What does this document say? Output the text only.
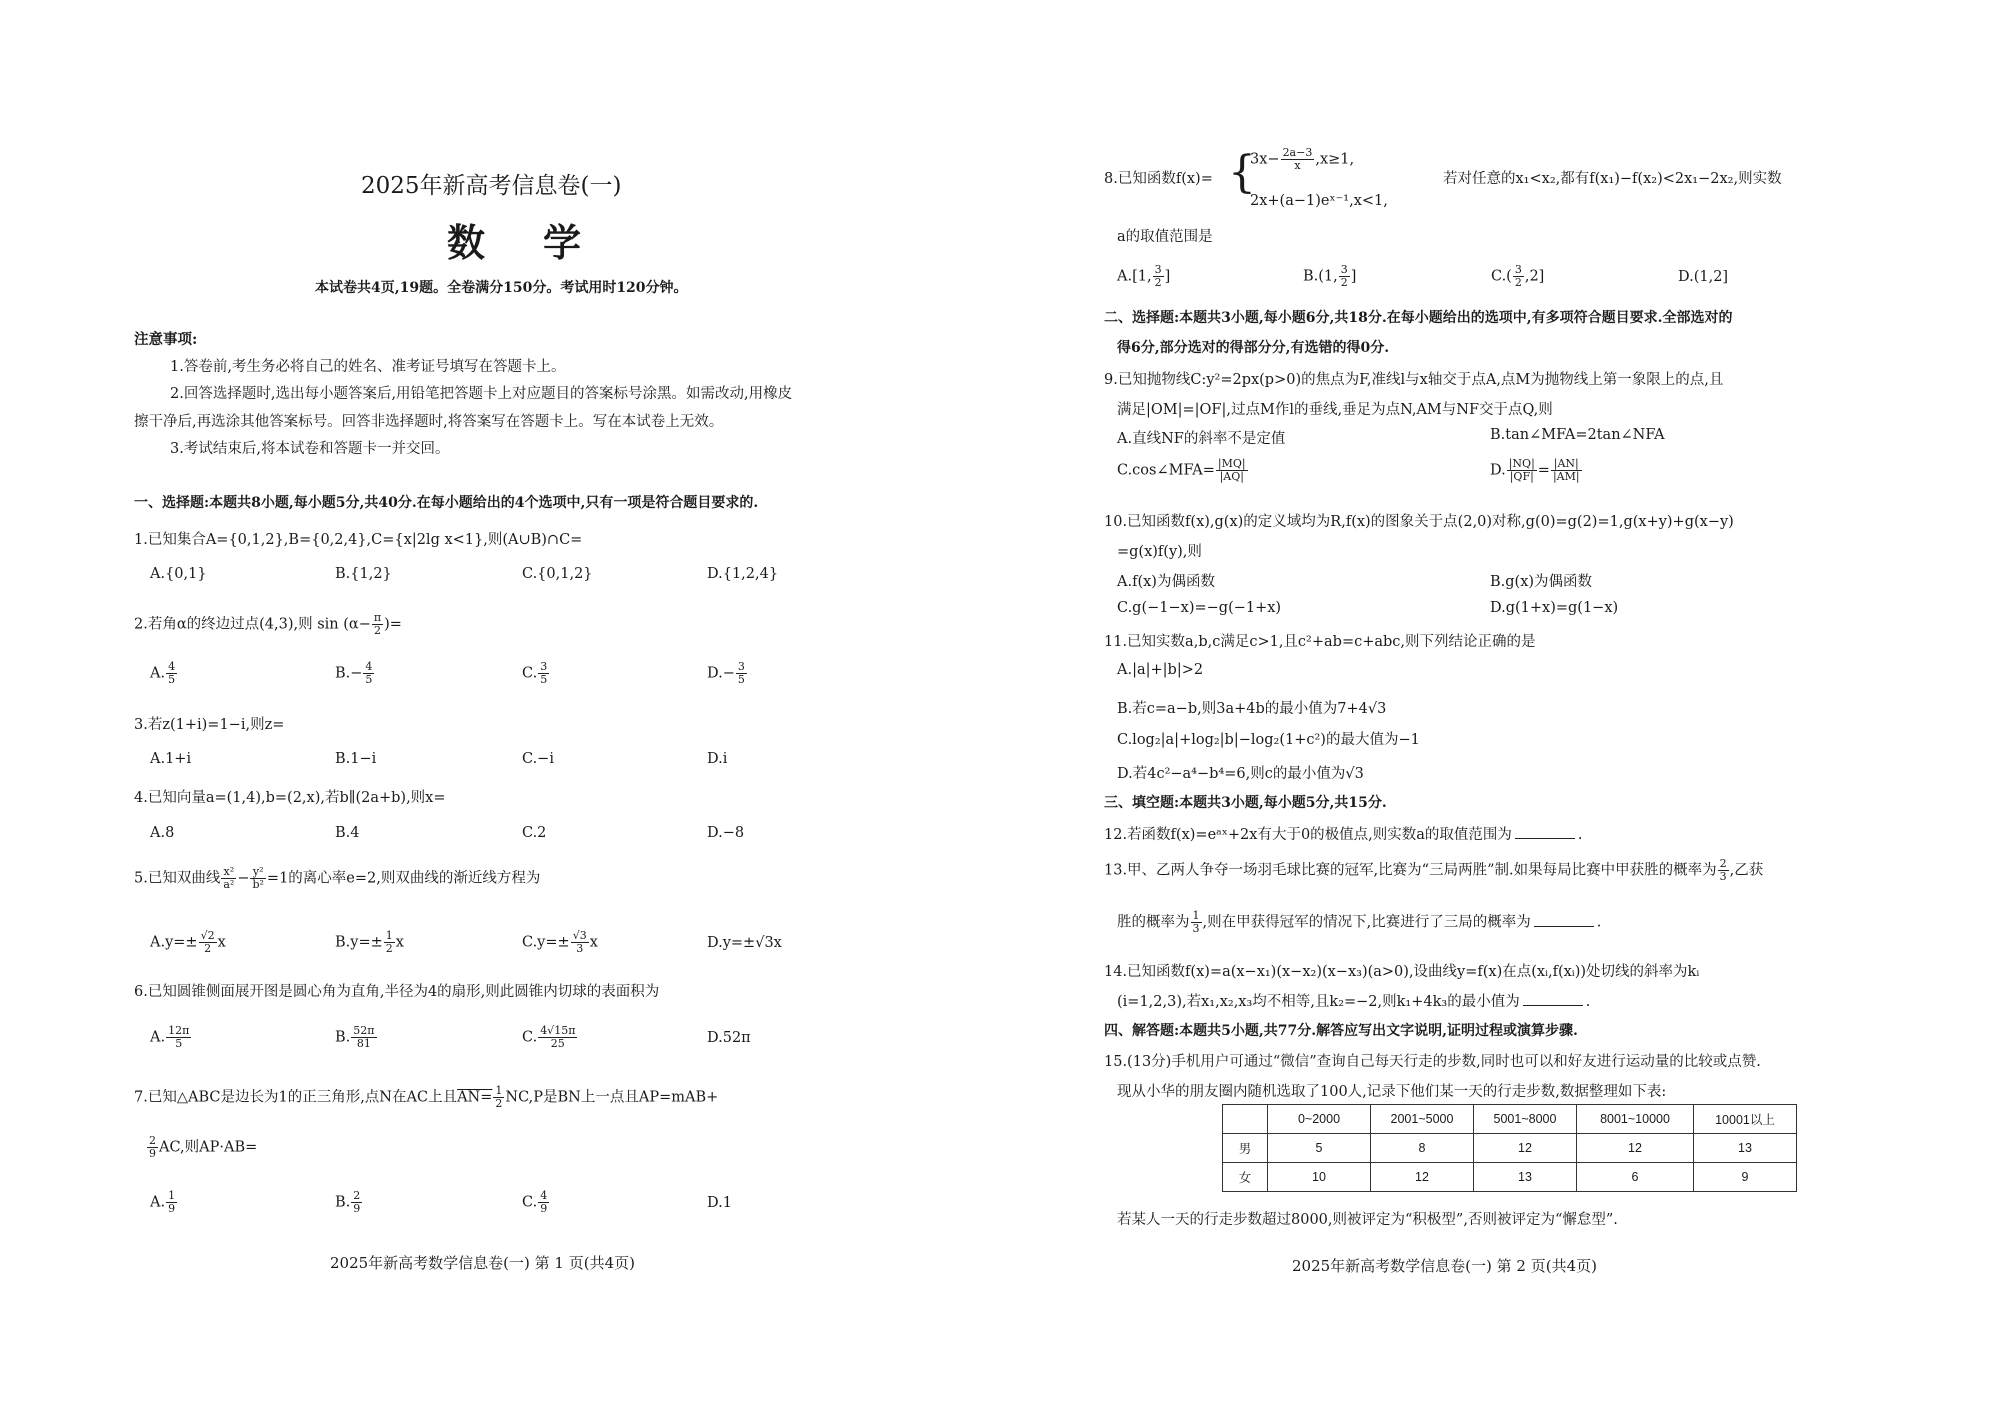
2025年新高考信息卷(一)
数学
本试卷共4页,19题。全卷满分150分。考试用时120分钟。
注意事项:
1.答卷前,考生务必将自己的姓名、准考证号填写在答题卡上。
2.回答选择题时,选出每小题答案后,用铅笔把答题卡上对应题目的答案标号涂黑。如需改动,用橡皮
擦干净后,再选涂其他答案标号。回答非选择题时,将答案写在答题卡上。写在本试卷上无效。
3.考试结束后,将本试卷和答题卡一并交回。
一、选择题:本题共8小题,每小题5分,共40分.在每小题给出的4个选项中,只有一项是符合题目要求的.
1.已知集合A={0,1,2},B={0,2,4},C={x|2lg x<1},则(A∪B)∩C=
A.{0,1}	B.{1,2}	C.{0,1,2}	D.{1,2,4}
2.若角α的终边过点(4,3),则 $\sin (\alpha- \frac{\pi}{2}$ )=
A. $\frac{4}{5}$	$B.- \frac{4}{5}$	C. $\frac{3}{5}$	$D.- \frac{3}{5}$
3.若z(1+i)=1−i,则z=
A.1+i	B.1−i	C.−i	D.i
4.已知向量a=(1,4),b=(2,x),若b∥(2a+b),则x=
A.8	B.4	C.2	D.−8
5.已知双曲线 $\frac{\text{x²}}{\text{a²}} - \frac{\text{y²}}{\text{b²}} =1$的离心率e=2,则双曲线的渐近线方程为
$A.y=\pm \frac{√2}{2}$ x	$B.y=\pm \frac{1}{2}$ x	$C.y=\pm \frac{√3}{3}$ x	D.y=±√3x
6.已知圆锥侧面展开图是圆心角为直角,半径为4的扇形,则此圆锥内切球的表面积为
A. $\frac{12\pi}{5}$	B. $\frac{52\pi}{81}$	C. $\frac{4√15\pi}{25}$	D.52π
7.已知△ABC是边长为1的正三角形,点N在AC上且$AN= \frac{1}{2} NC,P$是BN上一点且AP=mAB+
$\frac{2}{9}$ AC,则AP·AB=
A. $\frac{1}{9}$	B. $\frac{2}{9}$	C. $\frac{4}{9}$	D.1
2025年新高考数学信息卷(一) 第 1 页(共4页)
8.已知函数f(x)= {
$3x- \frac{2a-3}{x} ,x\ge 1$,
2x+(a−1)eˣ⁻¹,x<1,
若对任意的x₁<x₂,都有f(x₁)−f(x₂)<2x₁−2x₂,则实数
a的取值范围是
A.[1, $\frac{3}{2}$ ]	B.(1, $\frac{3}{2}$ ]	$C.( \frac{3}{2} ,2]$	D.(1,2]
二、选择题:本题共3小题,每小题6分,共18分.在每小题给出的选项中,有多项符合题目要求.全部选对的
得6分,部分选对的得部分分,有选错的得0分.
9.已知抛物线C:y²=2px(p>0)的焦点为F,准线l与x轴交于点A,点M为抛物线上第一象限上的点,且
满足|OM|=|OF|,过点M作l的垂线,垂足为点N,AM与NF交于点Q,则
A.直线NF的斜率不是定值	B.tan∠MFA=2tan∠NFA
C.cos∠MFA= $\frac{|MQ|}{|AQ|}$	D. $\frac{|NQ|}{|QF|} = \frac{|AN|}{|AM|}$
10.已知函数f(x),g(x)的定义域均为R,f(x)的图象关于点(2,0)对称,g(0)=g(2)=1,g(x+y)+g(x−y)
=g(x)f(y),则
A.f(x)为偶函数	B.g(x)为偶函数
C.g(−1−x)=−g(−1+x)	D.g(1+x)=g(1−x)
11.已知实数a,b,c满足c>1,且c²+ab=c+abc,则下列结论正确的是
A.|a|+|b|>2
B.若c=a−b,则3a+4b的最小值为7+4√3
C.log₂|a|+log₂|b|−log₂(1+c²)的最大值为−1
D.若4c²−a⁴−b⁴=6,则c的最小值为√3
三、填空题:本题共3小题,每小题5分,共15分.
12.若函数f(x)=eᵃˣ+2x有大于0的极值点,则实数a的取值范围为	.
13.甲、乙两人争夺一场羽毛球比赛的冠军,比赛为“三局两胜”制.如果每局比赛中甲获胜的概率为 $\frac{2}{3}$ ,乙获
胜的概率为 $\frac{1}{3}$ ,则在甲获得冠军的情况下,比赛进行了三局的概率为	.
14.已知函数f(x)=a(x−x₁)(x−x₂)(x−x₃)(a>0),设曲线y=f(x)在点(xᵢ,f(xᵢ))处切线的斜率为kᵢ
(i=1,2,3),若x₁,x₂,x₃均不相等,且k₂=−2,则k₁+4k₃的最小值为	.
四、解答题:本题共5小题,共77分.解答应写出文字说明,证明过程或演算步骤.
15.(13分)手机用户可通过“微信”查询自己每天行走的步数,同时也可以和好友进行运动量的比较或点赞.
现从小华的朋友圈内随机选取了100人,记录下他们某一天的行走步数,数据整理如下表:
	0~2000	2001~5000	5001~8000	8001~10000	10001以上
男	5	8	12	12	13
女	10	12	13	6	9
若某人一天的行走步数超过8000,则被评定为“积极型”,否则被评定为“懈怠型”.
2025年新高考数学信息卷(一) 第 2 页(共4页)
